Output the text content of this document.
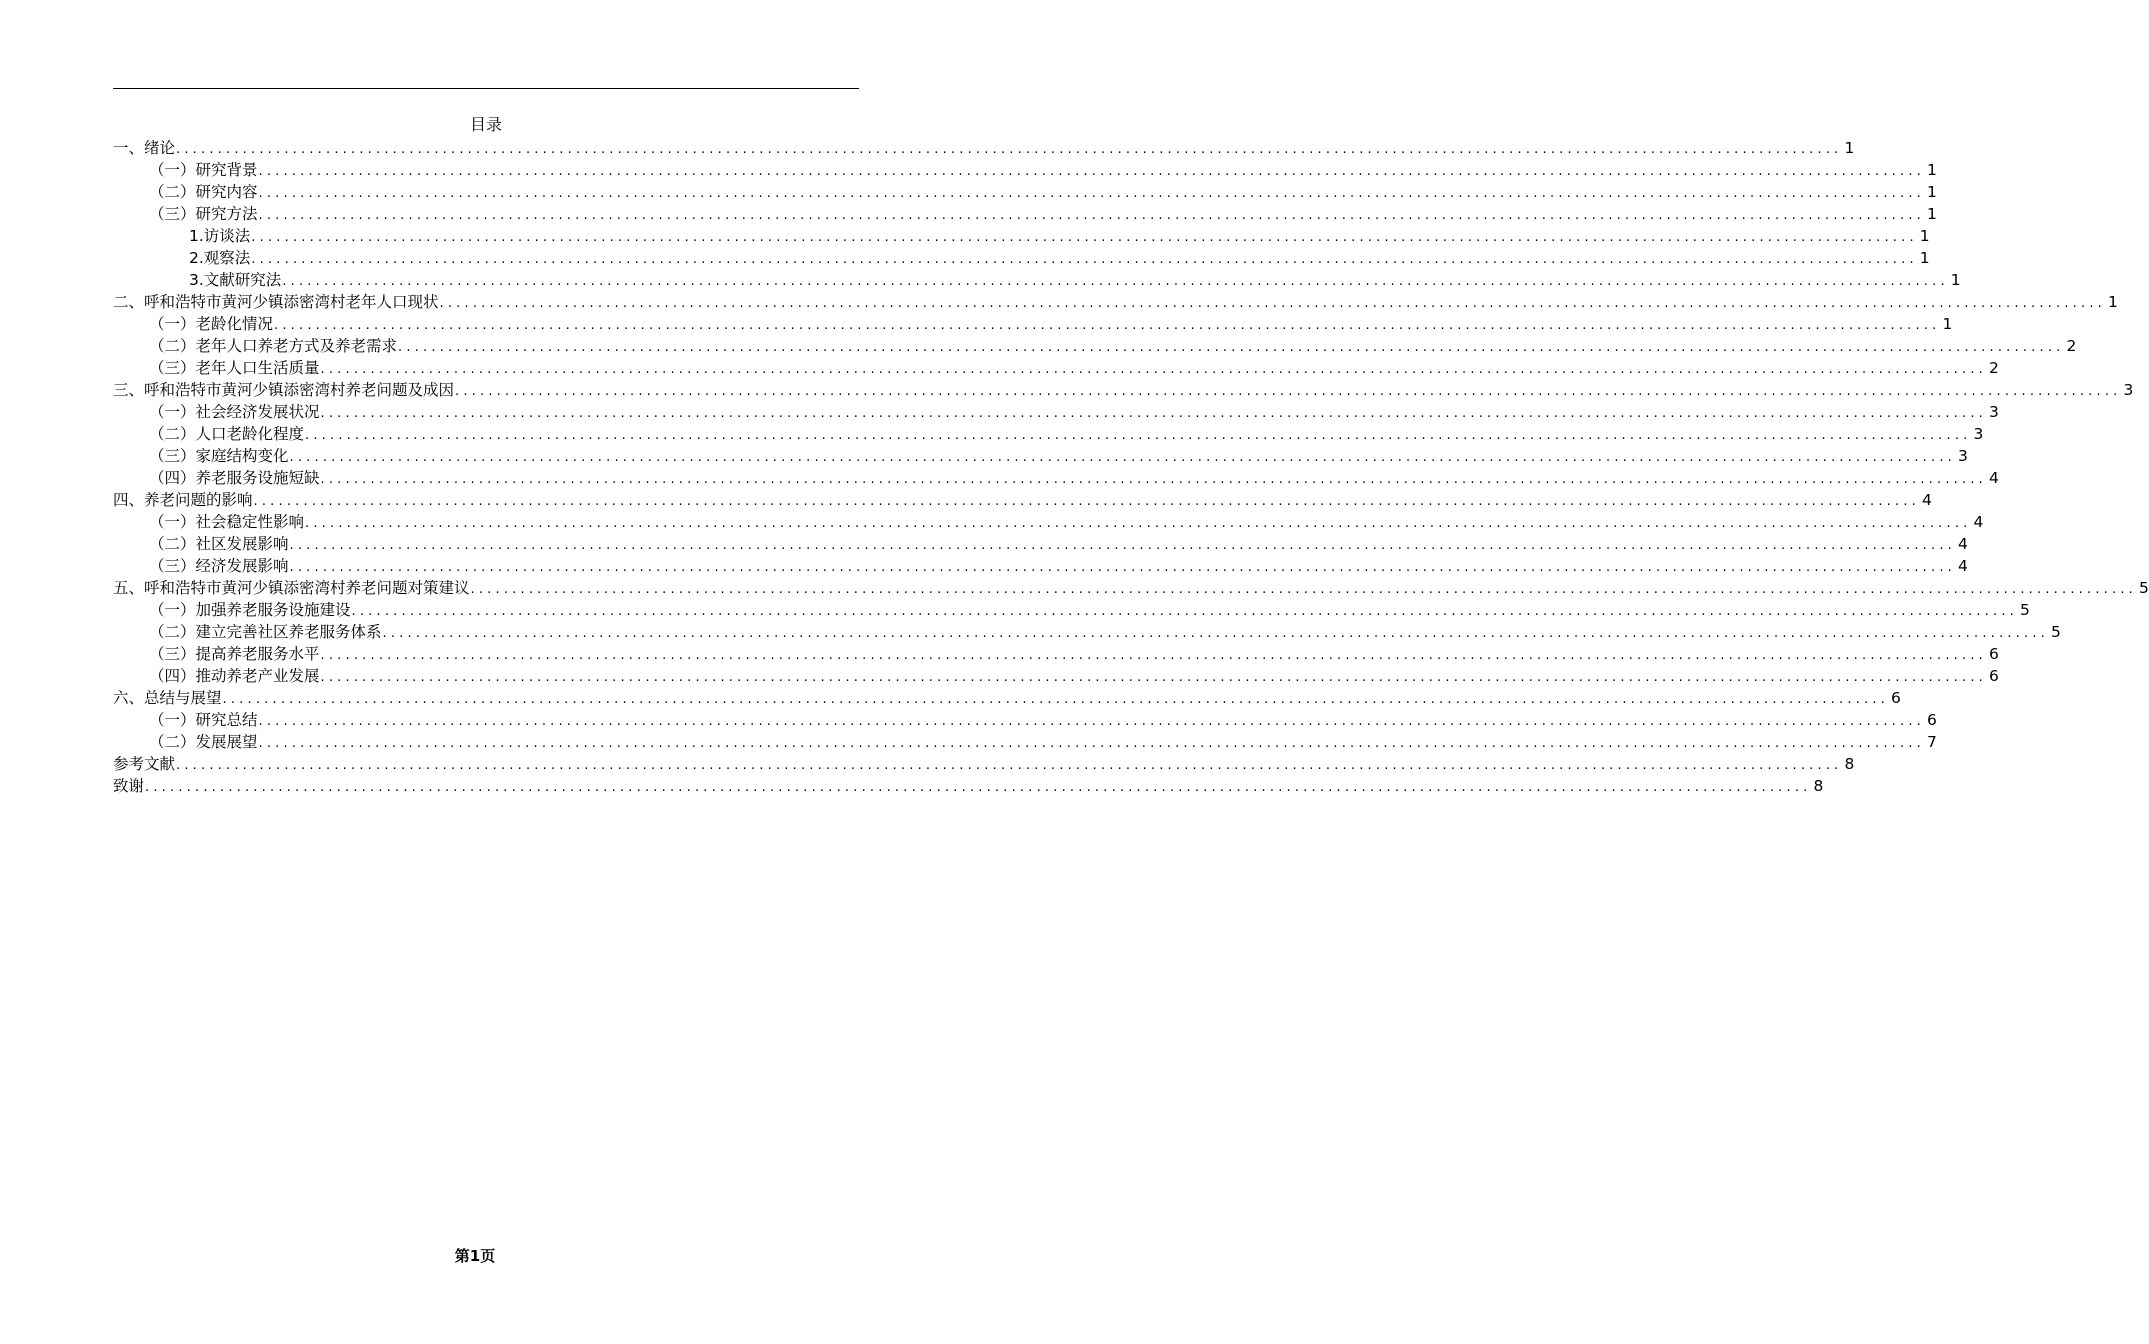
目录
一、绪论 ........................................................................................................................................................................................................ 1
（一）研究背景 ........................................................................................................................................................................................................ 1
（二）研究内容 ........................................................................................................................................................................................................ 1
（三）研究方法 ........................................................................................................................................................................................................ 1
1. 访谈法 ........................................................................................................................................................................................................ 1
2. 观察法 ........................................................................................................................................................................................................ 1
3. 文献研究法 ........................................................................................................................................................................................................ 1
二、呼和浩特市黄河少镇添密湾村老年人口现状 ........................................................................................................................................................................................................ 1
（一）老龄化情况 ........................................................................................................................................................................................................ 1
（二）老年人口养老方式及养老需求 ........................................................................................................................................................................................................ 2
（三）老年人口生活质量 ........................................................................................................................................................................................................ 2
三、呼和浩特市黄河少镇添密湾村养老问题及成因 ........................................................................................................................................................................................................ 3
（一）社会经济发展状况 ........................................................................................................................................................................................................ 3
（二）人口老龄化程度 ........................................................................................................................................................................................................ 3
（三）家庭结构变化 ........................................................................................................................................................................................................ 3
（四）养老服务设施短缺 ........................................................................................................................................................................................................ 4
四、养老问题的影响 ........................................................................................................................................................................................................ 4
（一）社会稳定性影响 ........................................................................................................................................................................................................ 4
（二）社区发展影响 ........................................................................................................................................................................................................ 4
（三）经济发展影响 ........................................................................................................................................................................................................ 4
五、呼和浩特市黄河少镇添密湾村养老问题对策建议 ........................................................................................................................................................................................................ 5
（一）加强养老服务设施建设 ........................................................................................................................................................................................................ 5
（二）建立完善社区养老服务体系 ........................................................................................................................................................................................................ 5
（三）提高养老服务水平 ........................................................................................................................................................................................................ 6
（四）推动养老产业发展 ........................................................................................................................................................................................................ 6
六、总结与展望 ........................................................................................................................................................................................................ 6
（一）研究总结 ........................................................................................................................................................................................................ 6
（二）发展展望 ........................................................................................................................................................................................................ 7
参考文献 ........................................................................................................................................................................................................ 8
致谢 ........................................................................................................................................................................................................ 8
第1页
